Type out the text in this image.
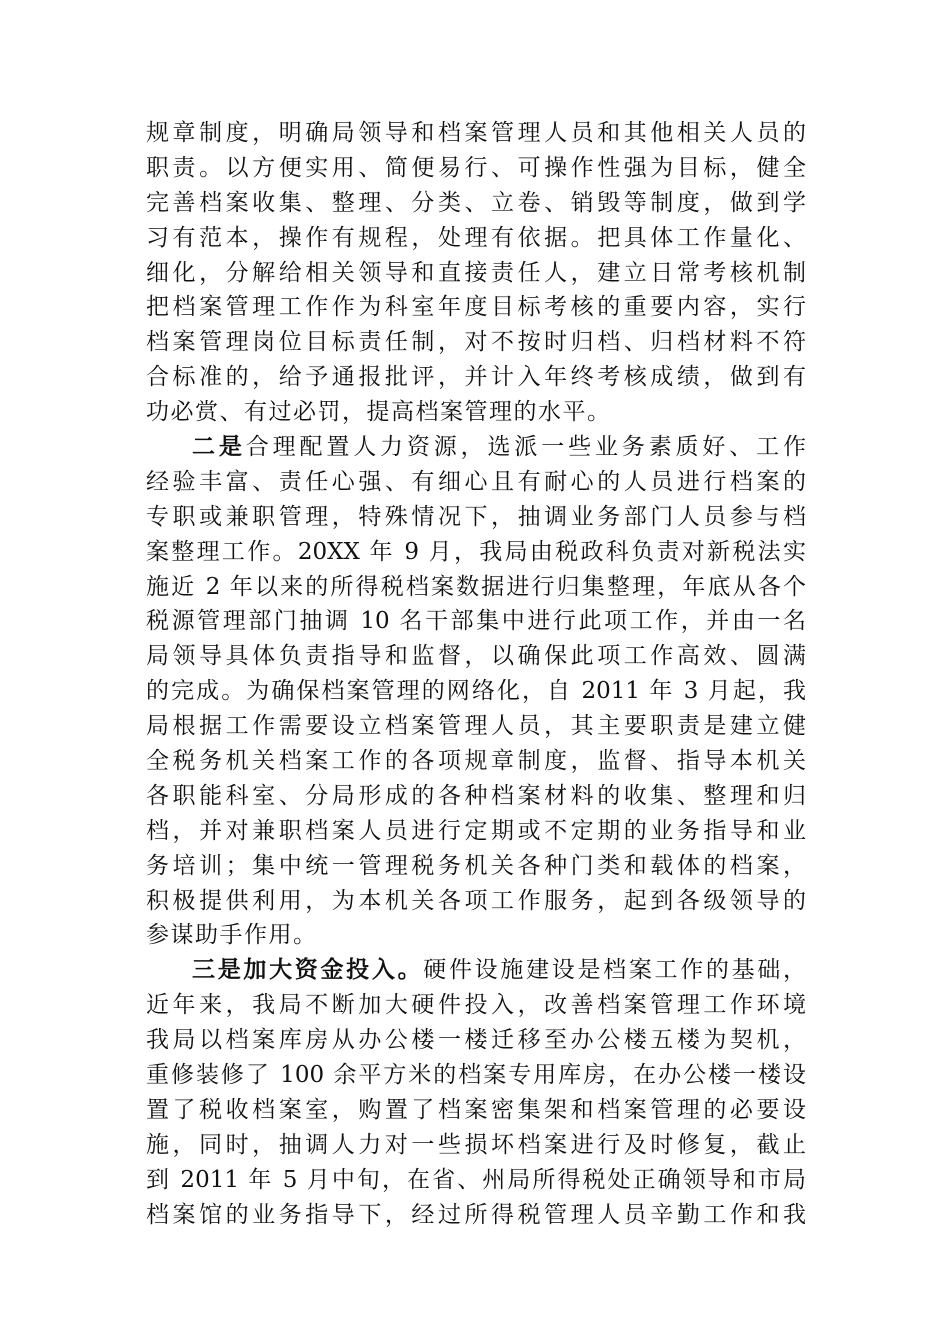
规章制度，明确局领导和档案管理人员和其他相关人员的
职责。以方便实用、简便易行、可操作性强为目标，健全
完善档案收集、整理、分类、立卷、销毁等制度，做到学
习有范本，操作有规程，处理有依据。把具体工作量化、
细化，分解给相关领导和直接责任人，建立日常考核机制
把档案管理工作作为科室年度目标考核的重要内容，实行
档案管理岗位目标责任制，对不按时归档、归档材料不符
合标准的，给予通报批评，并计入年终考核成绩，做到有
功必赏、有过必罚，提高档案管理的水平。
二是合理配置人力资源，选派一些业务素质好、工作
经验丰富、责任心强、有细心且有耐心的人员进行档案的
专职或兼职管理，特殊情况下，抽调业务部门人员参与档
案整理工作。20XX 年 9 月，我局由税政科负责对新税法实
施近 2 年以来的所得税档案数据进行归集整理，年底从各个
税源管理部门抽调 10 名干部集中进行此项工作，并由一名
局领导具体负责指导和监督，以确保此项工作高效、圆满
的完成。为确保档案管理的网络化，自 2011 年 3 月起，我
局根据工作需要设立档案管理人员，其主要职责是建立健
全税务机关档案工作的各项规章制度，监督、指导本机关
各职能科室、分局形成的各种档案材料的收集、整理和归
档，并对兼职档案人员进行定期或不定期的业务指导和业
务培训；集中统一管理税务机关各种门类和载体的档案，
积极提供利用，为本机关各项工作服务，起到各级领导的
参谋助手作用。
三是加大资金投入。硬件设施建设是档案工作的基础，
近年来，我局不断加大硬件投入，改善档案管理工作环境
我局以档案库房从办公楼一楼迁移至办公楼五楼为契机，
重修装修了 100 余平方米的档案专用库房，在办公楼一楼设
置了税收档案室，购置了档案密集架和档案管理的必要设
施，同时，抽调人力对一些损坏档案进行及时修复，截止
到 2011 年 5 月中旬，在省、州局所得税处正确领导和市局
档案馆的业务指导下，经过所得税管理人员辛勤工作和我
